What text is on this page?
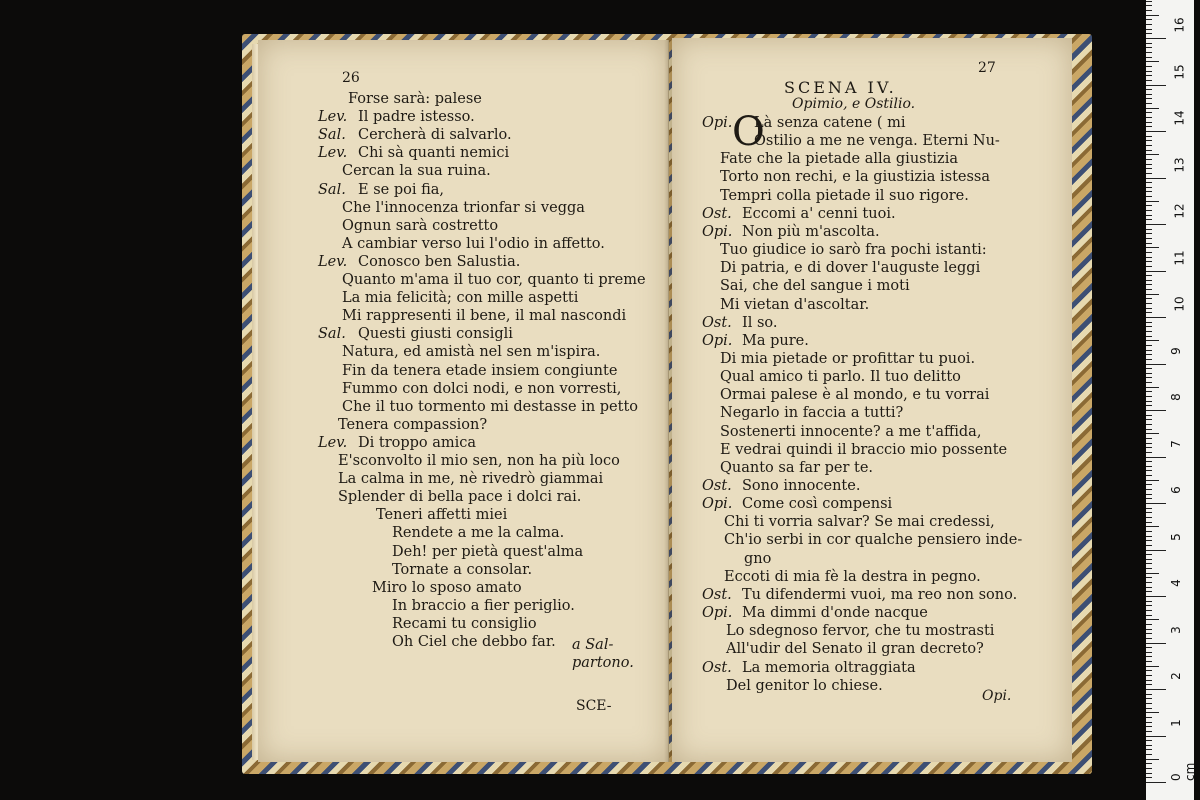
26
Forse sarà: palese
Lev. Il padre istesso.
Sal. Cercherà di salvarlo.
Lev. Chi sà quanti nemici
Cercan la sua ruina.
Sal. E se poi fia,
Che l'innocenza trionfar si vegga
Ognun sarà costretto
A cambiar verso lui l'odio in affetto.
Lev. Conosco ben Salustia.
Quanto m'ama il tuo cor, quanto ti preme
La mia felicità; con mille aspetti
Mi rappresenti il bene, il mal nascondi
Sal. Questi giusti consigli
Natura, ed amistà nel sen m'ispira.
Fin da tenera etade insiem congiunte
Fummo con dolci nodi, e non vorresti,
Che il tuo tormento mi destasse in petto
Tenera compassion?
Lev. Di troppo amica
E'sconvolto il mio sen, non ha più loco
La calma in me, nè rivedrò giammai
Splender di bella pace i dolci rai.
Teneri affetti miei
Rendete a me la calma.
Deh! per pietà quest'alma
Tornate a consolar.
Miro lo sposo amato
In braccio a fier periglio.
Recami tu consiglio
Oh Ciel che debbo far. a Sal-
partono.
SCE-
SCENA IV.
27
Opimio, e Ostilio.
O
Opi. Là senza catene ( mi
Ostilio a me ne venga. Eterni Nu-
Fate che la pietade alla giustizia
Torto non rechi, e la giustizia istessa
Tempri colla pietade il suo rigore.
Ost. Eccomi a' cenni tuoi.
Opi. Non più m'ascolta.
Tuo giudice io sarò fra pochi istanti:
Di patria, e di dover l'auguste leggi
Sai, che del sangue i moti
Mi vietan d'ascoltar.
Ost. Il so.
Opi. Ma pure.
Di mia pietade or profittar tu puoi.
Qual amico ti parlo. Il tuo delitto
Ormai palese è al mondo, e tu vorrai
Negarlo in faccia a tutti?
Sostenerti innocente? a me t'affida,
E vedrai quindi il braccio mio possente
Quanto sa far per te.
Ost. Sono innocente.
Opi. Come così compensi
Chi ti vorria salvar? Se mai credessi,
Ch'io serbi in cor qualche pensiero inde-
gno
Eccoti di mia fè la destra in pegno.
Ost. Tu difendermi vuoi, ma reo non sono.
Opi. Ma dimmi d'onde nacque
Lo sdegnoso fervor, che tu mostrasti
All'udir del Senato il gran decreto?
Ost. La memoria oltraggiata
Del genitor lo chiese.
Opi.
0 cm
1
2
3
4
5
6
7
8
9
10
11
12
13
14
15
16
